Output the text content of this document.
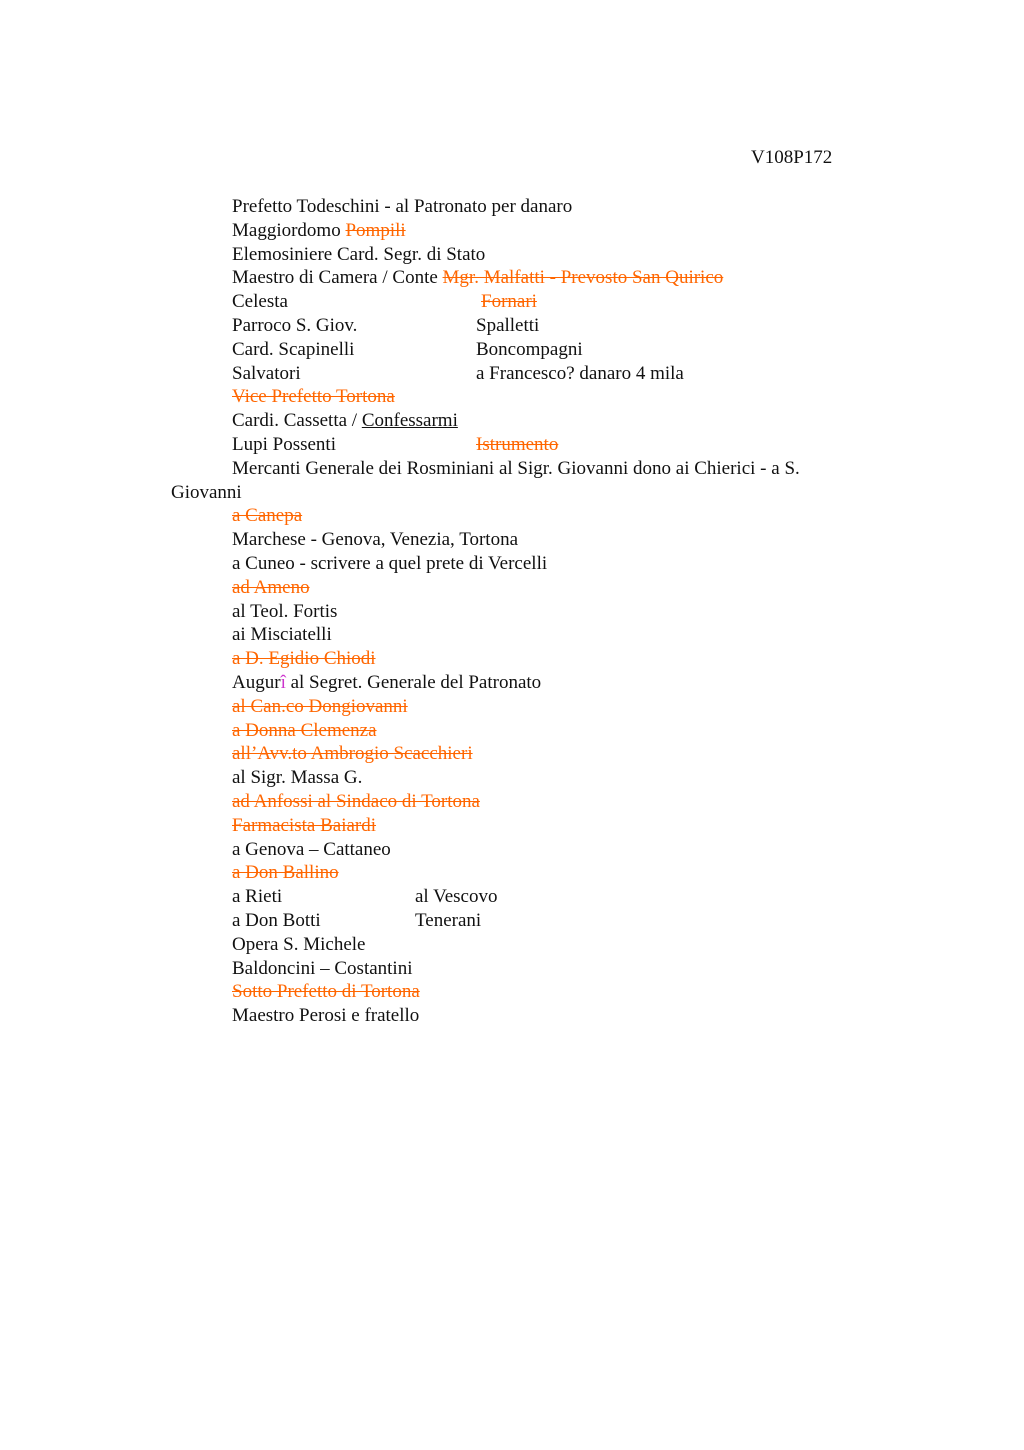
V108P172
Prefetto Todeschini - al Patronato per danaro
Maggiordomo Pompili
Elemosiniere Card. Segr. di Stato
Maestro di Camera / Conte Mgr. Malfatti - Prevosto San Quirico
Celesta	Fornari
Parroco S. Giov.	Spalletti
Card. Scapinelli	Boncompagni
Salvatori	a Francesco? danaro 4 mila
Vice Prefetto Tortona
Cardi. Cassetta / Confessarmi
Lupi Possenti	Istrumento
Mercanti Generale dei Rosminiani al Sigr. Giovanni dono ai Chierici - a S.
Giovanni
a Canepa
Marchese - Genova, Venezia, Tortona
a Cuneo - scrivere a quel prete di Vercelli
ad Ameno
al Teol. Fortis
ai Misciatelli
a D. Egidio Chiodi
Augurî al Segret. Generale del Patronato
al Can.co Dongiovanni
a Donna Clemenza
all’Avv.to Ambrogio Scacchieri
al Sigr. Massa G.
ad Anfossi al Sindaco di Tortona
Farmacista Baiardi
a Genova – Cattaneo
a Don Ballino
a Rieti	al Vescovo
a Don Botti	Tenerani
Opera S. Michele
Baldoncini – Costantini
Sotto Prefetto di Tortona
Maestro Perosi e fratello
